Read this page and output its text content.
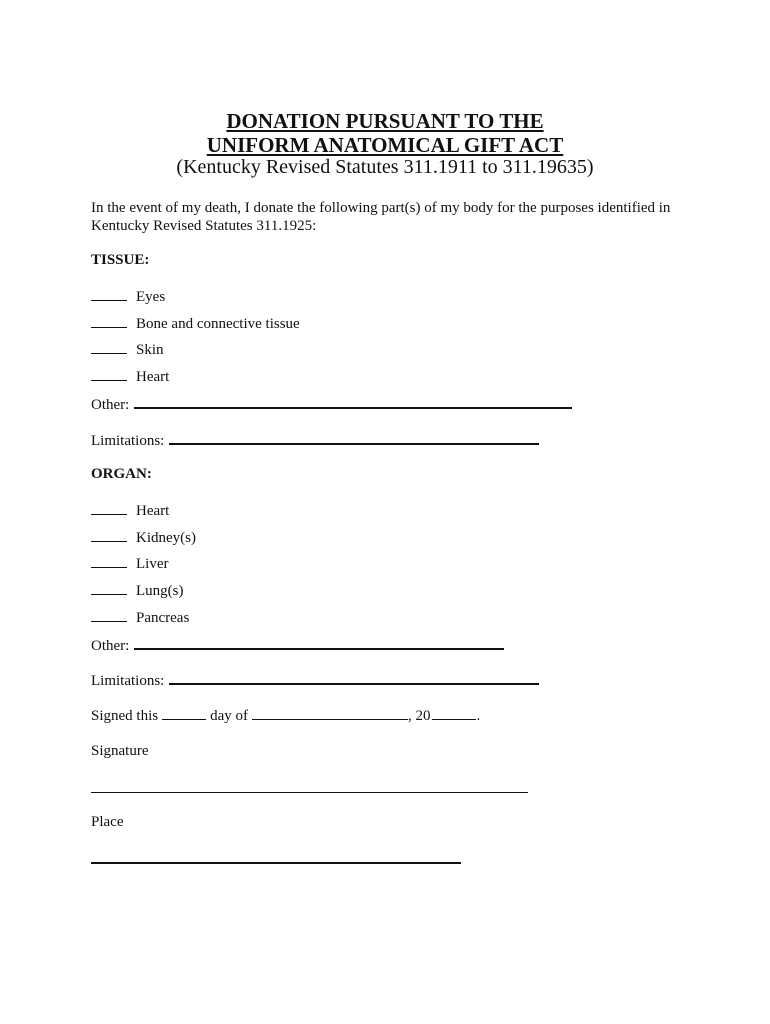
DONATION PURSUANT TO THE
UNIFORM ANATOMICAL GIFT ACT
(Kentucky Revised Statutes 311.1911 to 311.19635)
In the event of my death, I donate the following part(s) of my body for the purposes identified in Kentucky Revised Statutes 311.1925:
TISSUE:
Eyes
Bone and connective tissue
Skin
Heart
Other:
Limitations:
ORGAN:
Heart
Kidney(s)
Liver
Lung(s)
Pancreas
Other:
Limitations:
Signed this	day of	, 20	.
Signature
Place
